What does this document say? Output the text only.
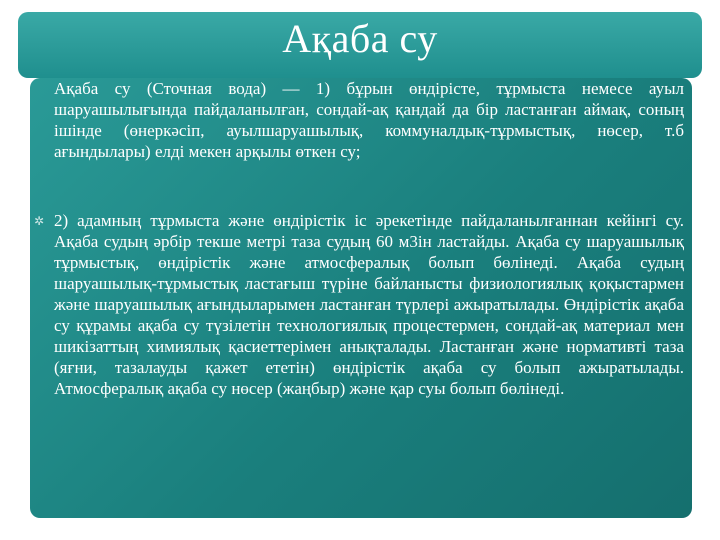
Ақаба су
Ақаба су (Сточная вода) — 1) бұрын өндірісте, тұрмыста немесе ауыл шаруашылығында пайдаланылған, сондай-ақ қандай да бір ластанған аймақ, соның ішінде (өнеркәсіп, ауылшаруашылық, коммуналдық-тұрмыстық, нөсер, т.б ағындылары) елді мекен арқылы өткен су;
✲ 2) адамның тұрмыста және өндірістік іс әрекетінде пайдаланылғаннан кейінгі су. Ақаба судың әрбір текше метрі таза судың 60 м3ін ластайды. Ақаба су шаруашылық тұрмыстық, өндірістік және атмосфералық болып бөлінеді. Ақаба судың шаруашылық-тұрмыстық ластағыш түріне байланысты физиологиялық қоқыстармен және шаруашылық ағындыларымен ластанған түрлері ажыратылады. Өндірістік ақаба су құрамы ақаба су түзілетін технологиялық процестермен, сондай-ақ материал мен шикізаттың химиялық қасиеттерімен анықталады. Ластанған және нормативті таза (яғни, тазалауды қажет ететін) өндірістік ақаба су болып ажыратылады. Атмосфералық ақаба су нөсер (жаңбыр) және қар суы болып бөлінеді.
